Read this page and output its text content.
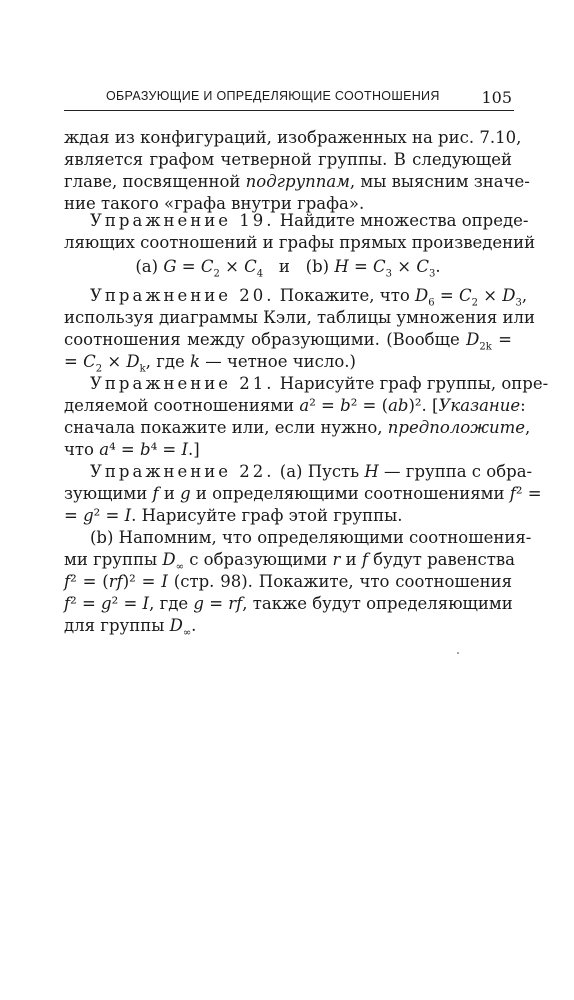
ОБРАЗУЮЩИЕ И ОПРЕДЕЛЯЮЩИЕ СООТНОШЕНИЯ	105
ждая из конфигураций, изображенных на рис. 7.10,
является графом четверной группы. В следующей
главе, посвященной подгруппам, мы выясним значе-
ние такого «графа внутри графа».
Упражнение 19. Найдите множества опреде-
ляющих соотношений и графы прямых произведений
(a) $G = C_2 \times C_4$   и   (b) $H = C_3 \times C_3$.
Упражнение 20. Покажите, что $D_6 = C_2 \times D_3$,
используя диаграммы Кэли, таблицы умножения или
соотношения между образующими. (Вообще $D_{2k}$ =
= $C_2 \times D_k$, где k — четное число.)
Упражнение 21. Нарисуйте граф группы, опре-
деляемой соотношениями a² = b² = (ab)². [Указание:
сначала покажите или, если нужно, предположите,
что a⁴ = b⁴ = I.]
Упражнение 22. (a) Пусть H — группа с обра-
зующими f и g и определяющими соотношениями f² =
= g² = I. Нарисуйте граф этой группы.
(b) Напомним, что определяющими соотношения-
ми группы $D_\infty$ с образующими r и f будут равенства
f² = (rf)² = I (стр. 98). Покажите, что соотношения
f² = g² = I, где g = rf, также будут определяющими
для группы $D_\infty$.
